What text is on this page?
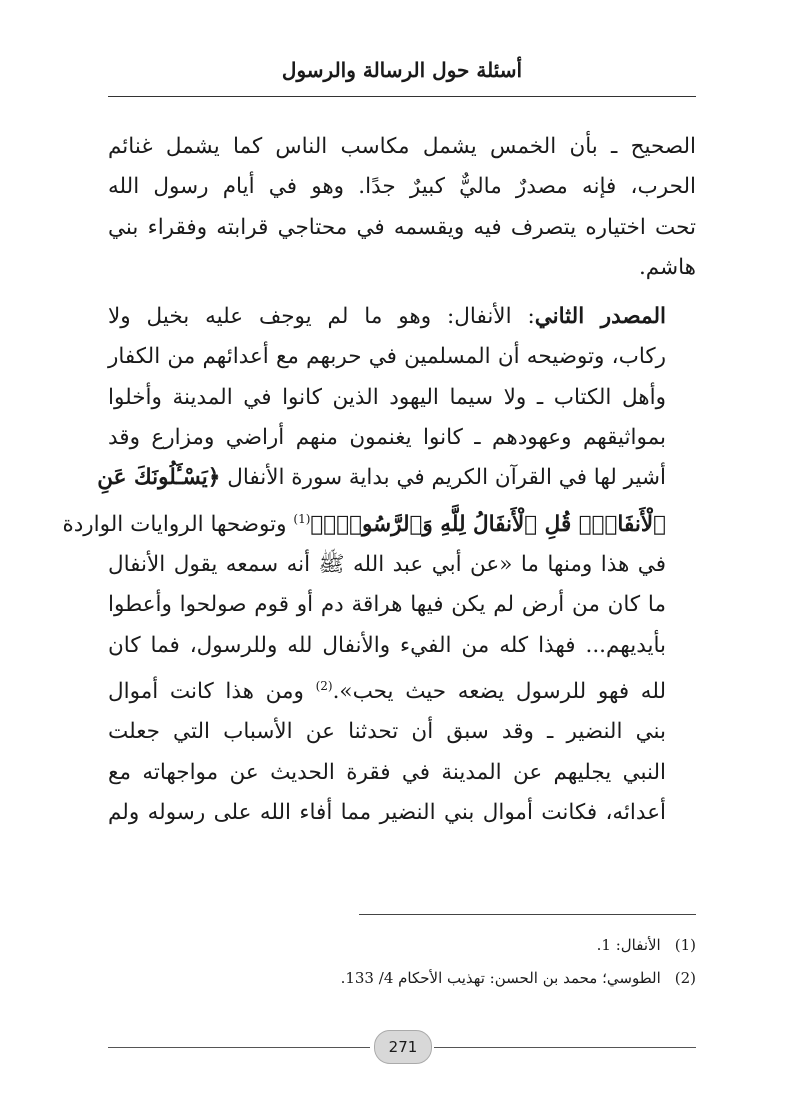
أسئلة حول الرسالة والرسول

الصحيح ـ بأن الخمس يشمل مكاسب الناس كما يشمل غنائم
الحرب، فإنه مصدرٌ ماليٌّ كبيرٌ جدًا. وهو في أيام رسول الله
تحت اختياره يتصرف فيه ويقسمه في محتاجي قرابته وفقراء بني
هاشم.

المصدر الثاني: الأنفال: وهو ما لم يوجف عليه بخيل ولا
ركاب، وتوضيحه أن المسلمين في حربهم مع أعدائهم من الكفار
وأهل الكتاب ـ ولا سيما اليهود الذين كانوا في المدينة وأخلوا
بمواثيقهم وعهودهم ـ كانوا يغنمون منهم أراضي ومزارع وقد
أشير لها في القرآن الكريم في بداية سورة الأنفال ﴿يَسْـَٔلُونَكَ عَنِ
ٱلْأَنفَالِۖ قُلِ ٱلْأَنفَالُ لِلَّهِ وَٱلرَّسُولِۖ﴾$^{(1)}$ وتوضحها الروايات الواردة
في هذا ومنها ما «عن أبي عبد الله ﷺ أنه سمعه يقول الأنفال
ما كان من أرض لم يكن فيها هراقة دم أو قوم صولحوا وأعطوا
بأيديهم... فهذا كله من الفيء والأنفال لله وللرسول، فما كان
لله فهو للرسول يضعه حيث يحب».$^{(2)}$ ومن هذا كانت أموال
بني النضير ـ وقد سبق أن تحدثنا عن الأسباب التي جعلت
النبي يجليهم عن المدينة في فقرة الحديث عن مواجهاته مع
أعدائه، فكانت أموال بني النضير مما أفاء الله على رسوله ولم

(1)الأنفال: 1.
(2)الطوسي؛ محمد بن الحسن: تهذيب الأحكام 4/ 133.
271
